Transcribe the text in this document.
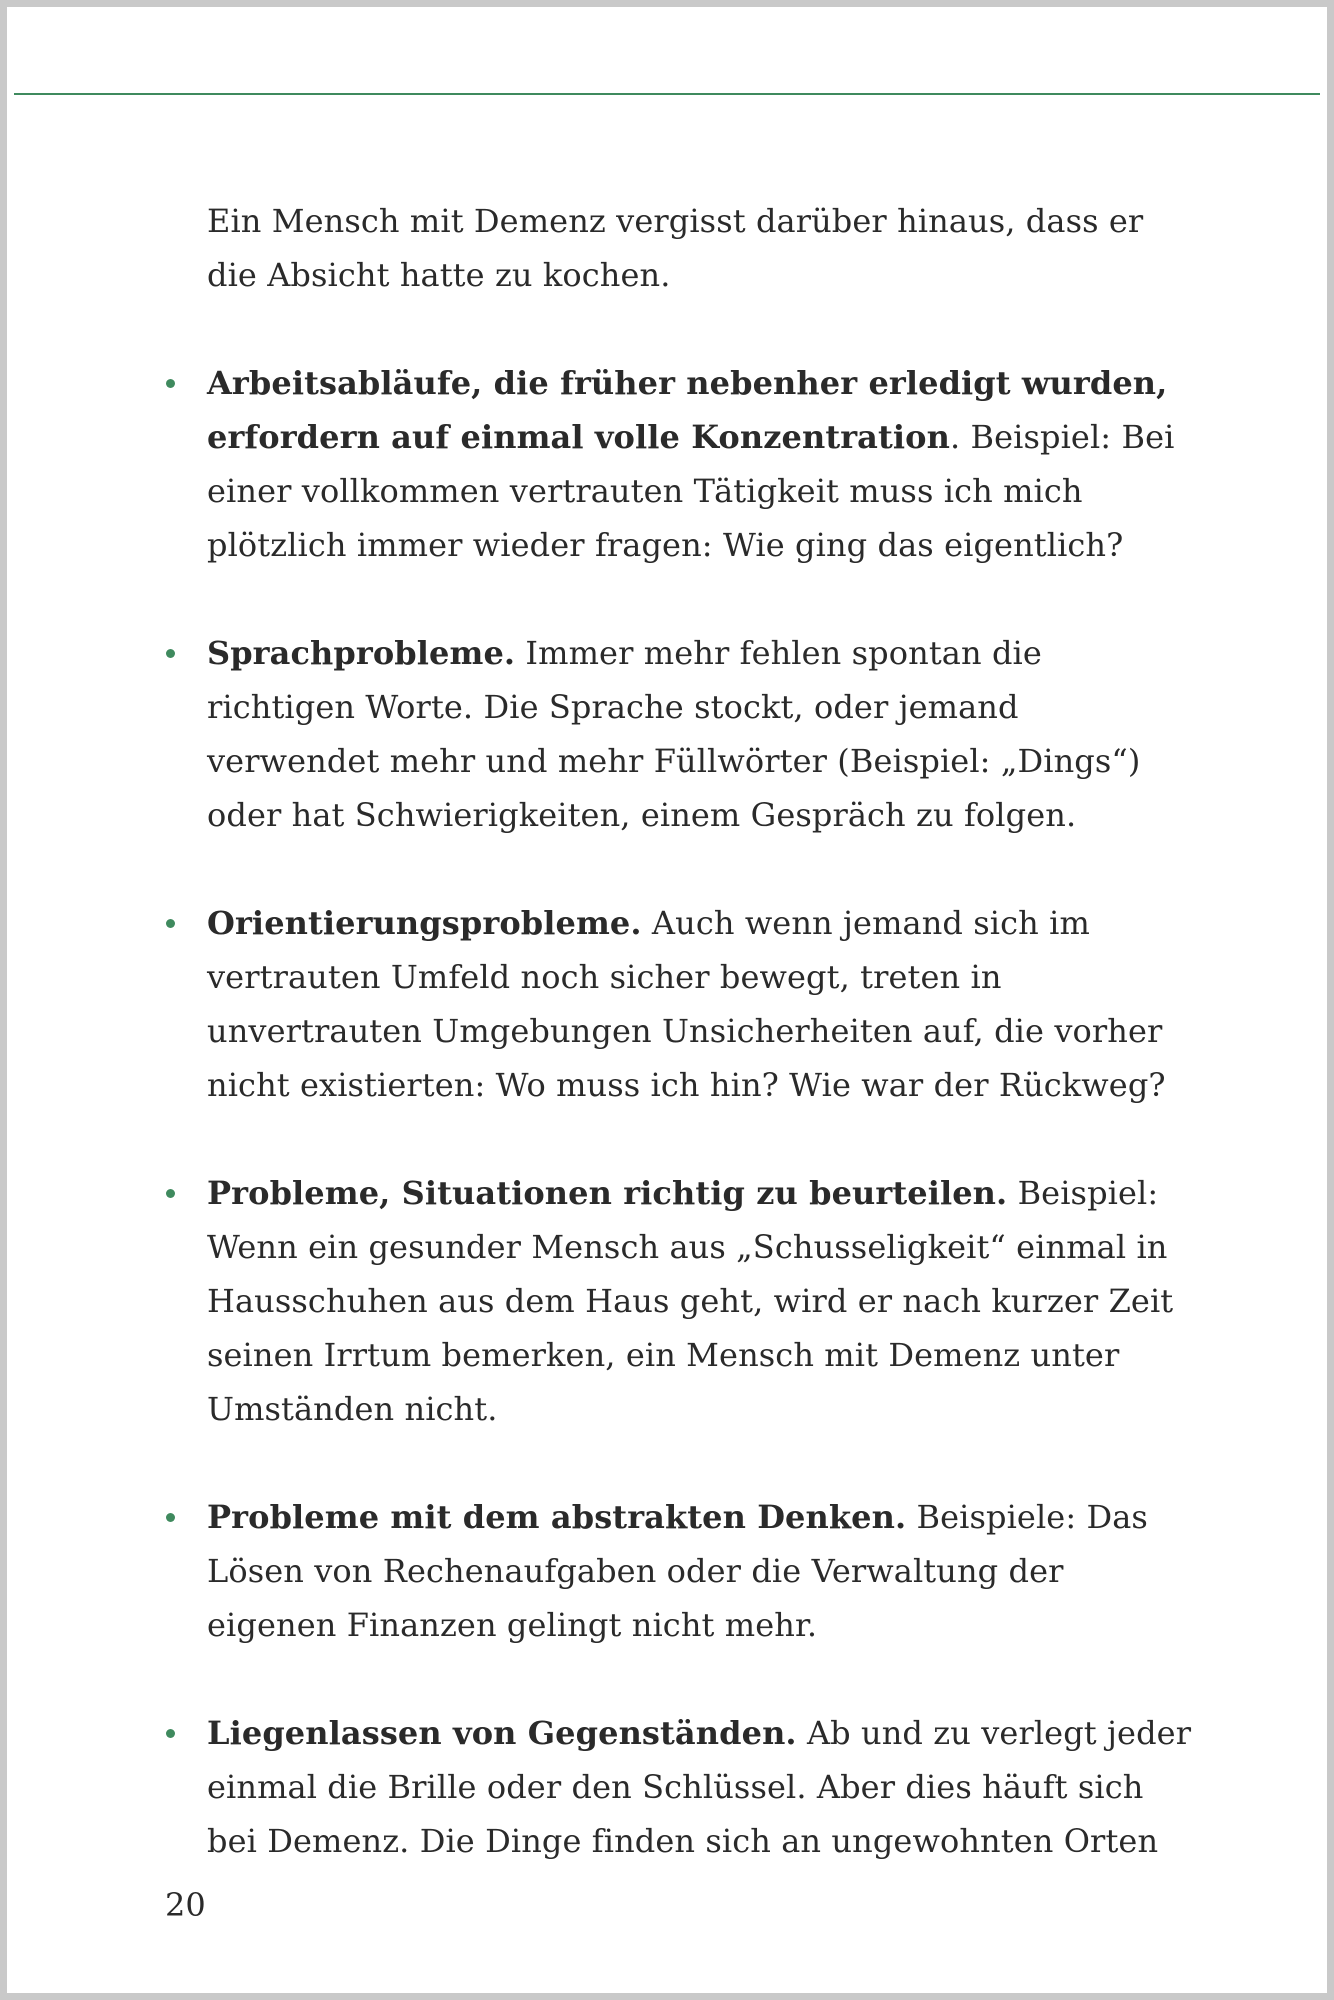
Ein Mensch mit Demenz vergisst darüber hinaus, dass er die Absicht hatte zu kochen.

Arbeitsabläufe, die früher nebenher erledigt wurden, erfordern auf einmal volle Konzentration. Beispiel: Bei einer vollkommen vertrauten Tätigkeit muss ich mich plötzlich immer wieder fragen: Wie ging das eigentlich?
Sprachprobleme. Immer mehr fehlen spontan die richtigen Worte. Die Sprache stockt, oder jemand verwendet mehr und mehr Füllwörter (Beispiel: „Dings“) oder hat Schwierigkeiten, einem Gespräch zu folgen.
Orientierungsprobleme. Auch wenn jemand sich im vertrauten Umfeld noch sicher bewegt, treten in unvertrauten Umgebungen Unsicherheiten auf, die vorher nicht existierten: Wo muss ich hin? Wie war der Rückweg?
Probleme, Situationen richtig zu beurteilen. Beispiel: Wenn ein gesunder Mensch aus „Schusseligkeit“ einmal in Hausschuhen aus dem Haus geht, wird er nach kurzer Zeit seinen Irrtum bemerken, ein Mensch mit Demenz unter Umständen nicht.
Probleme mit dem abstrakten Denken. Beispiele: Das Lösen von Rechenaufgaben oder die Verwaltung der eigenen Finanzen gelingt nicht mehr.
Liegenlassen von Gegenständen. Ab und zu verlegt jeder einmal die Brille oder den Schlüssel. Aber dies häuft sich bei Demenz. Die Dinge finden sich an ungewohnten Orten
20
